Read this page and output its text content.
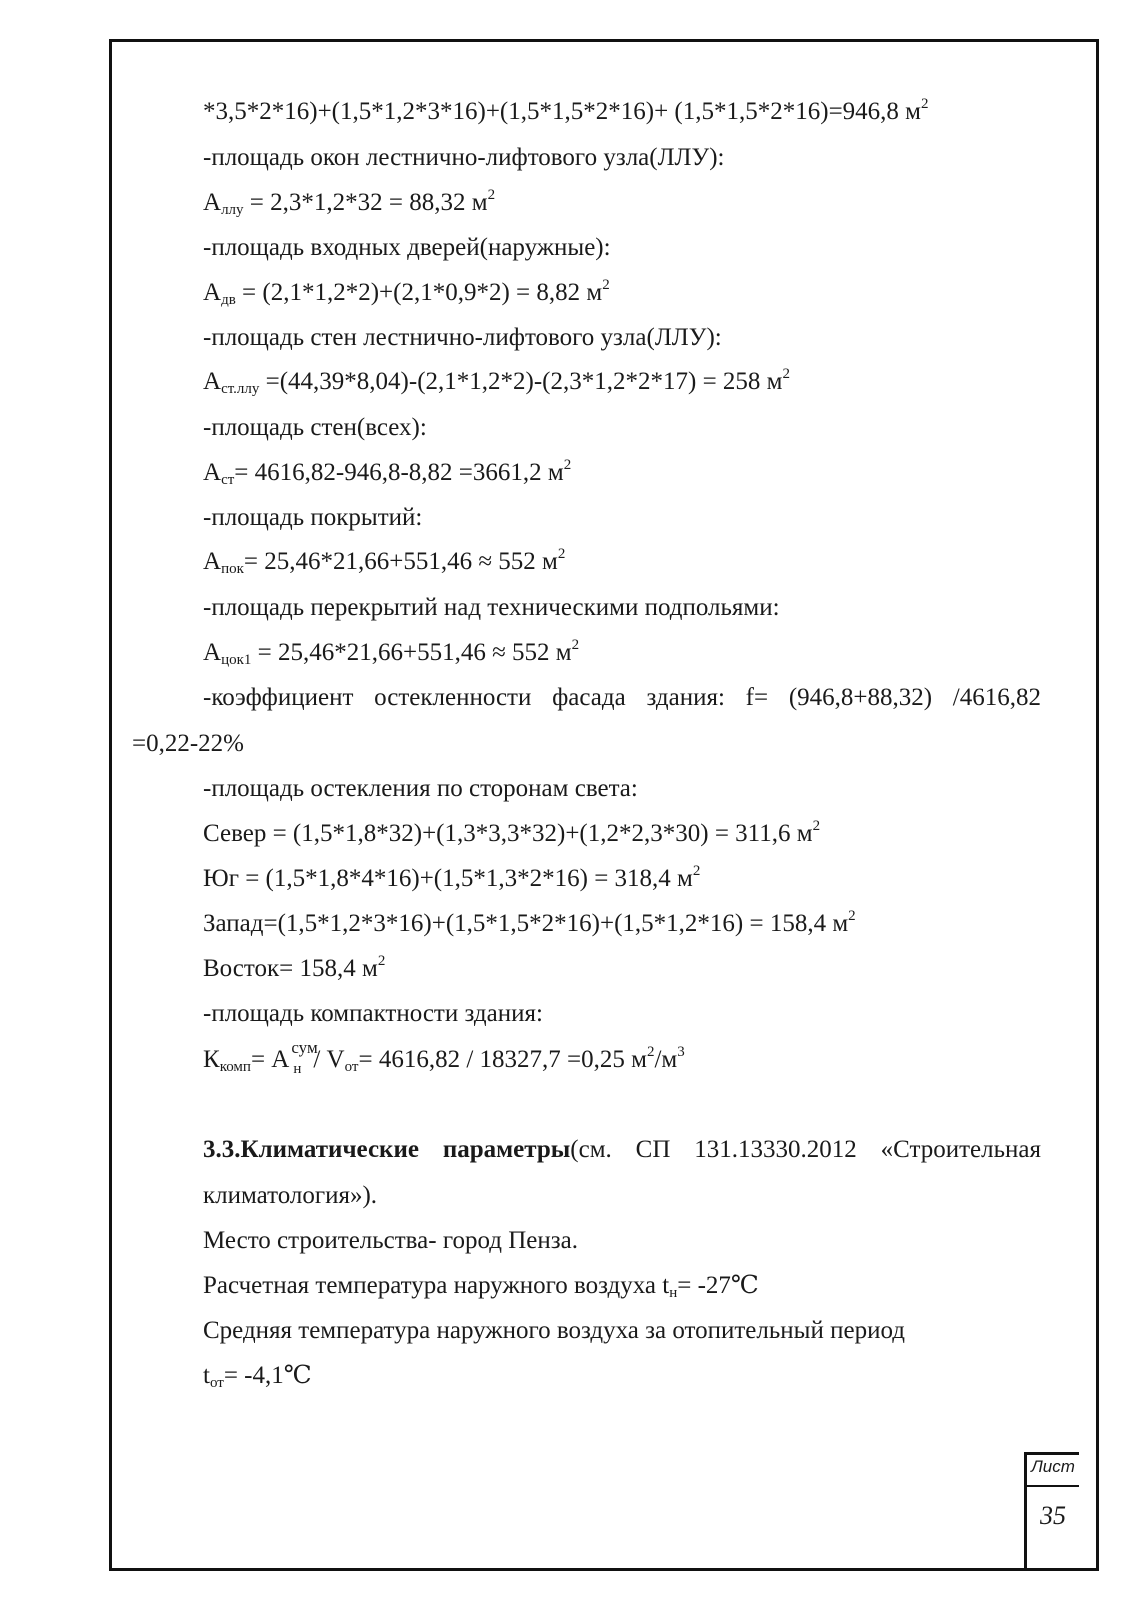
*3,5*2*16)+(1,5*1,2*3*16)+(1,5*1,5*2*16)+ (1,5*1,5*2*16)=946,8 $м^2$
-площадь окон лестнично-лифтового узла(ЛЛУ):
$А_{ллу} = 2,3*1,2*32 = 88,32$ $м^2$
-площадь входных дверей(наружные):
$А_{дв} = (2,1*1,2*2)+(2,1*0,9*2) = 8,82$ $м^2$
-площадь стен лестнично-лифтового узла(ЛЛУ):
$А_{ст.ллу} =(44,39*8,04)-(2,1*1,2*2)-(2,3*1,2*2*17) = 258$ $м^2$
-площадь стен(всех):
$А_{ст}= 4616,82-946,8-8,82 =3661,2$ $м^2$
-площадь покрытий:
$А_{пок}= 25,46*21,66+551,46 \approx 552$ $м^2$
-площадь перекрытий над техническими подпольями:
$А_{цок1} = 25,46*21,66+551,46 \approx 552$ $м^2$
-площадь остекления по сторонам света:
Север = (1,5*1,8*32)+(1,3*3,3*32)+(1,2*2,3*30) = 311,6 $м^2$
Юг = (1,5*1,8*4*16)+(1,5*1,3*2*16) = 318,4 $м^2$
Запад=(1,5*1,2*3*16)+(1,5*1,5*2*16)+(1,5*1,2*16) = 158,4 $м^2$
Восток= 158,4 $м^2$
-площадь компактности здания:
-коэффициент остекленности фасада здания: f= (946,8+88,32) /4616,82
=0,22-22%
$К_{комп}= А$ сум
$н / V_{от}= 4616,82 / 18327,7 =0,25$ $м^2/м^3$
3.3.Климатические параметры(см. СП 131.13330.2012 «Строительная
климатология»).
Место строительства- город Пенза.
Расчетная температура наружного воздуха $t_н=$ -27℃
Средняя температура наружного воздуха за отопительный период
$t_{от}=$ -4,1℃
Лист
35
